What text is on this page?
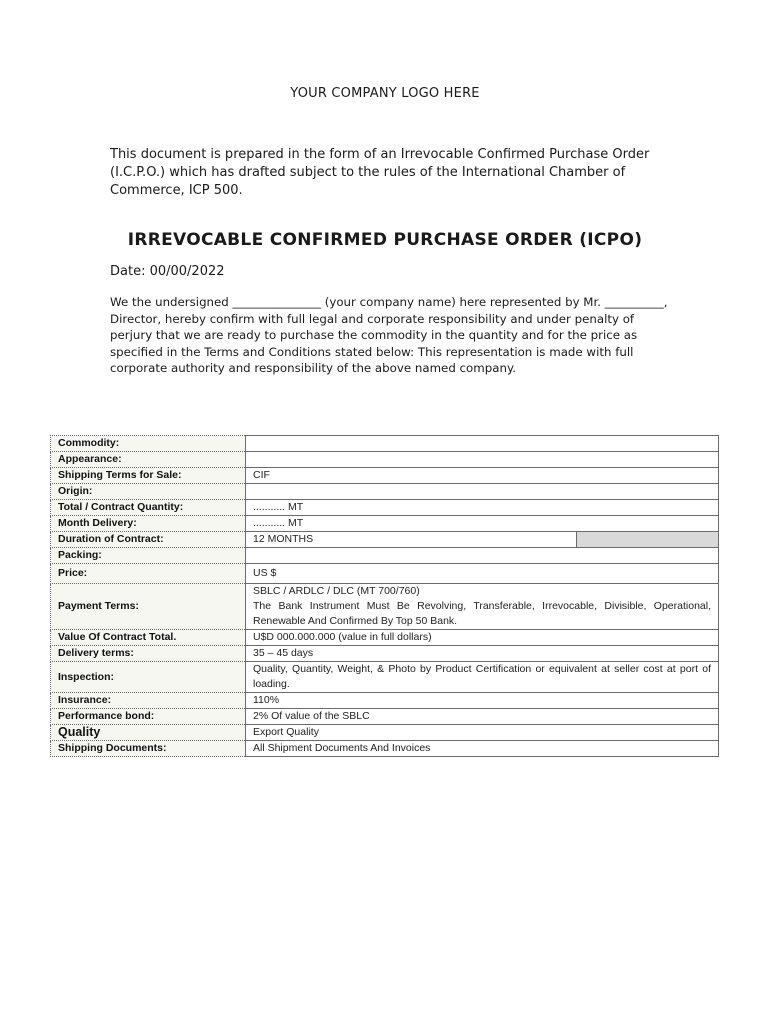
YOUR COMPANY LOGO HERE
This document is prepared in the form of an Irrevocable Confirmed Purchase Order (I.C.P.O.) which has drafted subject to the rules of the International Chamber of Commerce, ICP 500.
IRREVOCABLE CONFIRMED PURCHASE ORDER (ICPO)
Date: 00/00/2022
We the undersigned _______________ (your company name) here represented by Mr. __________, Director, hereby confirm with full legal and corporate responsibility and under penalty of perjury that we are ready to purchase the commodity in the quantity and for the price as specified in the Terms and Conditions stated below: This representation is made with full corporate authority and responsibility of the above named company.
Commodity:	
Appearance:	
Shipping Terms for Sale:	CIF
Origin:	
Total / Contract Quantity:	........... MT
Month Delivery:	........... MT
Duration of Contract:	12 MONTHS

Packing:	
Price:	US $
Payment Terms:	SBLC / ARDLC / DLC (MT 700/760)
The Bank Instrument Must Be Revolving, Transferable, Irrevocable, Divisible, Operational, Renewable And Confirmed By Top 50 Bank.

Value Of Contract Total.	U$D 000.000.000 (value in full dollars)
Delivery terms:	35 – 45 days
Inspection:	Quality, Quantity, Weight, & Photo by Product Certification or equivalent at seller cost at port of loading.
Insurance:	110%
Performance bond:	2% Of value of the SBLC
Quality	Export Quality
Shipping Documents:	All Shipment Documents And Invoices
